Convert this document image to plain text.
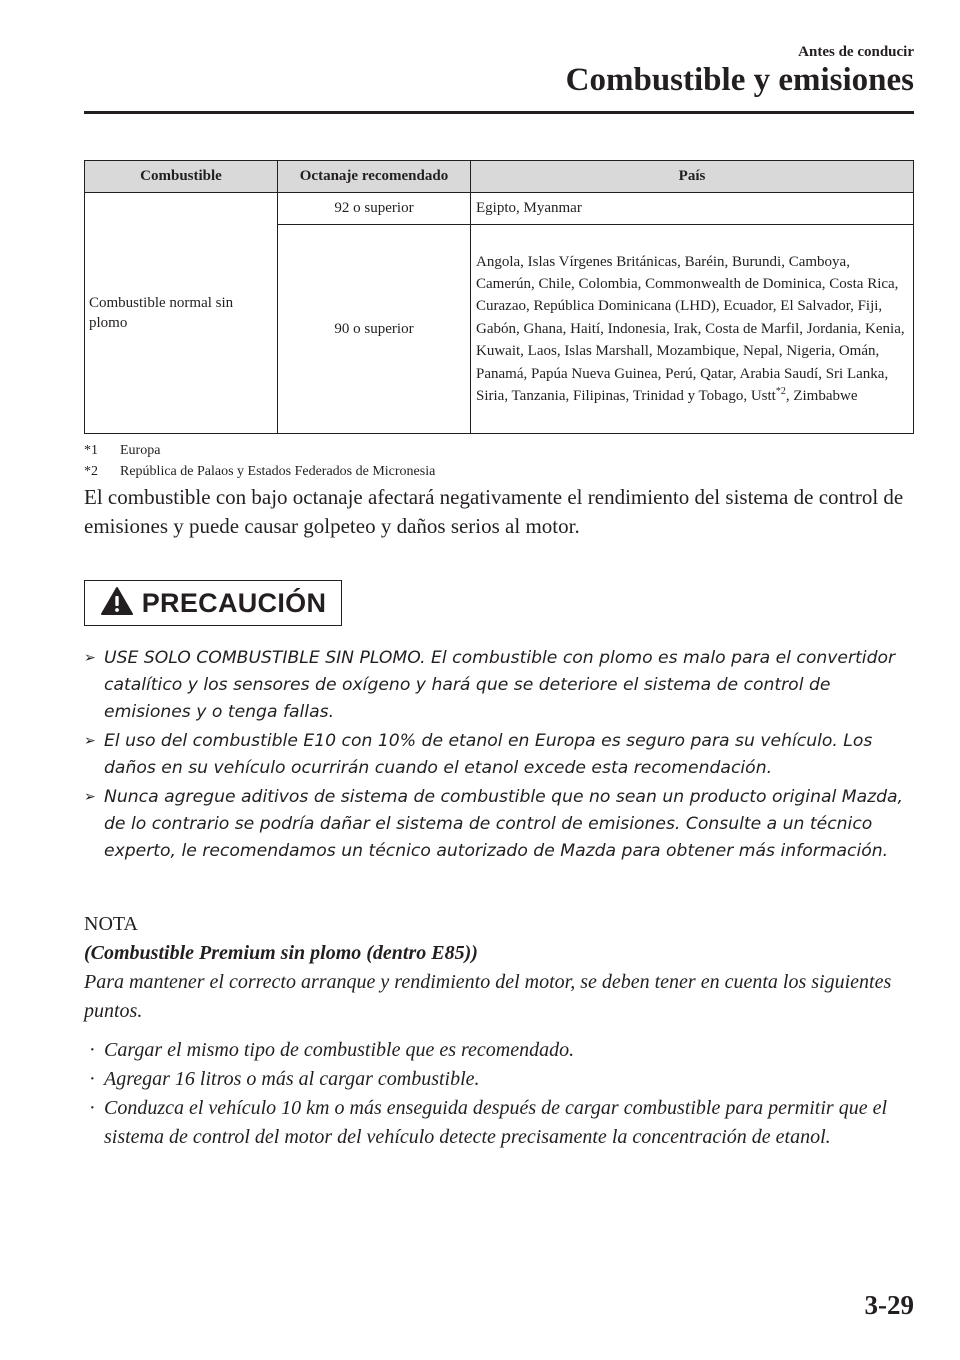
Antes de conducir
Combustible y emisiones
Combustible	Octanaje recomendado	País
Combustible normal sin plomo	92 o superior	Egipto, Myanmar
	90 o superior	Angola, Islas Vírgenes Británicas, Baréin, Burundi, Camboya, Camerún, Chile, Colombia, Commonwealth de Dominica, Costa Rica, Curazao, República Dominicana (LHD), Ecuador, El Salvador, Fiji, Gabón, Ghana, Haití, Indonesia, Irak, Costa de Marfil, Jordania, Kenia, Kuwait, Laos, Islas Marshall, Mozambique, Nepal, Nigeria, Omán, Panamá, Papúa Nueva Guinea, Perú, Qatar, Arabia Saudí, Sri Lanka, Siria, Tanzania, Filipinas, Trinidad y Tobago, Ustt$^{*2}$, Zimbabwe
*1	Europa
*2	República de Palaos y Estados Federados de Micronesia
El combustible con bajo octanaje afectará negativamente el rendimiento del sistema de control de emisiones y puede causar golpeteo y daños serios al motor.
PRECAUCIÓN
➢ USE SOLO COMBUSTIBLE SIN PLOMO. El combustible con plomo es malo para el convertidor catalítico y los sensores de oxígeno y hará que se deteriore el sistema de control de emisiones y o tenga fallas.
➢ El uso del combustible E10 con 10% de etanol en Europa es seguro para su vehículo. Los daños en su vehículo ocurrirán cuando el etanol excede esta recomendación.
➢ Nunca agregue aditivos de sistema de combustible que no sean un producto original Mazda, de lo contrario se podría dañar el sistema de control de emisiones. Consulte a un técnico experto, le recomendamos un técnico autorizado de Mazda para obtener más información.
NOTA
(Combustible Premium sin plomo (dentro E85))
Para mantener el correcto arranque y rendimiento del motor, se deben tener en cuenta los siguientes puntos.
· Cargar el mismo tipo de combustible que es recomendado.
· Agregar 16 litros o más al cargar combustible.
· Conduzca el vehículo 10 km o más enseguida después de cargar combustible para permitir que el sistema de control del motor del vehículo detecte precisamente la concentración de etanol.
3-29
